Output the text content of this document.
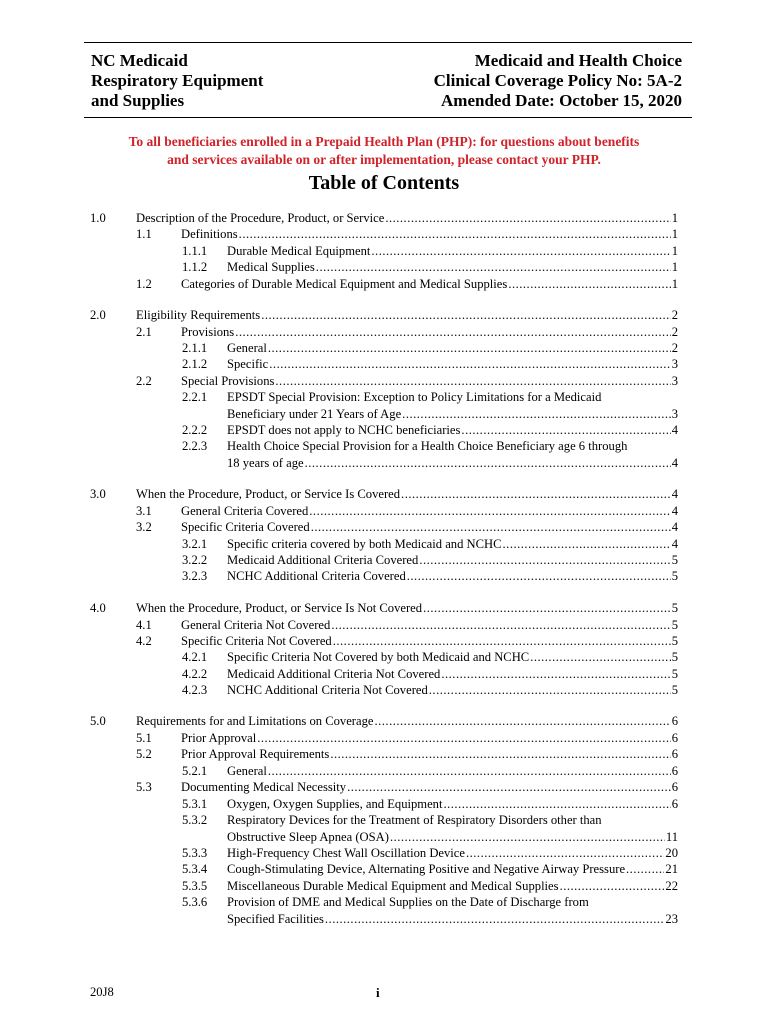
NC Medicaid
Respiratory Equipment
and Supplies
Medicaid and Health Choice
Clinical Coverage Policy No: 5A-2
Amended Date: October 15, 2020
To all beneficiaries enrolled in a Prepaid Health Plan (PHP): for questions about benefits
and services available on or after implementation, please contact your PHP.
Table of Contents
1.0 Description of the Procedure, Product, or Service .....	1
1.1 Definitions .....	1
1.1.1 Durable Medical Equipment .....	1
1.1.2 Medical Supplies .....	1
1.2 Categories of Durable Medical Equipment and Medical Supplies .....	1
2.0 Eligibility Requirements .....	2
2.1 Provisions .....	2
2.1.1 General .....	2
2.1.2 Specific .....	3
2.2 Special Provisions .....	3
2.2.1 EPSDT Special Provision: Exception to Policy Limitations for a Medicaid
Beneficiary under 21 Years of Age .....	3
2.2.2 EPSDT does not apply to NCHC beneficiaries .....	4
2.2.3 Health Choice Special Provision for a Health Choice Beneficiary age 6 through
18 years of age .....	4
3.0 When the Procedure, Product, or Service Is Covered .....	4
3.1 General Criteria Covered .....	4
3.2 Specific Criteria Covered .....	4
3.2.1 Specific criteria covered by both Medicaid and NCHC .....	4
3.2.2 Medicaid Additional Criteria Covered .....	5
3.2.3 NCHC Additional Criteria Covered .....	5
4.0 When the Procedure, Product, or Service Is Not Covered .....	5
4.1 General Criteria Not Covered .....	5
4.2 Specific Criteria Not Covered .....	5
4.2.1 Specific Criteria Not Covered by both Medicaid and NCHC .....	5
4.2.2 Medicaid Additional Criteria Not Covered .....	5
4.2.3 NCHC Additional Criteria Not Covered .....	5
5.0 Requirements for and Limitations on Coverage .....	6
5.1 Prior Approval .....	6
5.2 Prior Approval Requirements .....	6
5.2.1 General .....	6
5.3 Documenting Medical Necessity .....	6
5.3.1 Oxygen, Oxygen Supplies, and Equipment .....	6
5.3.2 Respiratory Devices for the Treatment of Respiratory Disorders other than
Obstructive Sleep Apnea (OSA) .....	11
5.3.3 High-Frequency Chest Wall Oscillation Device .....	20
5.3.4 Cough-Stimulating Device, Alternating Positive and Negative Airway Pressure .....	21
5.3.5 Miscellaneous Durable Medical Equipment and Medical Supplies .....	22
5.3.6 Provision of DME and Medical Supplies on the Date of Discharge from
Specified Facilities .....	23
20J8	i
